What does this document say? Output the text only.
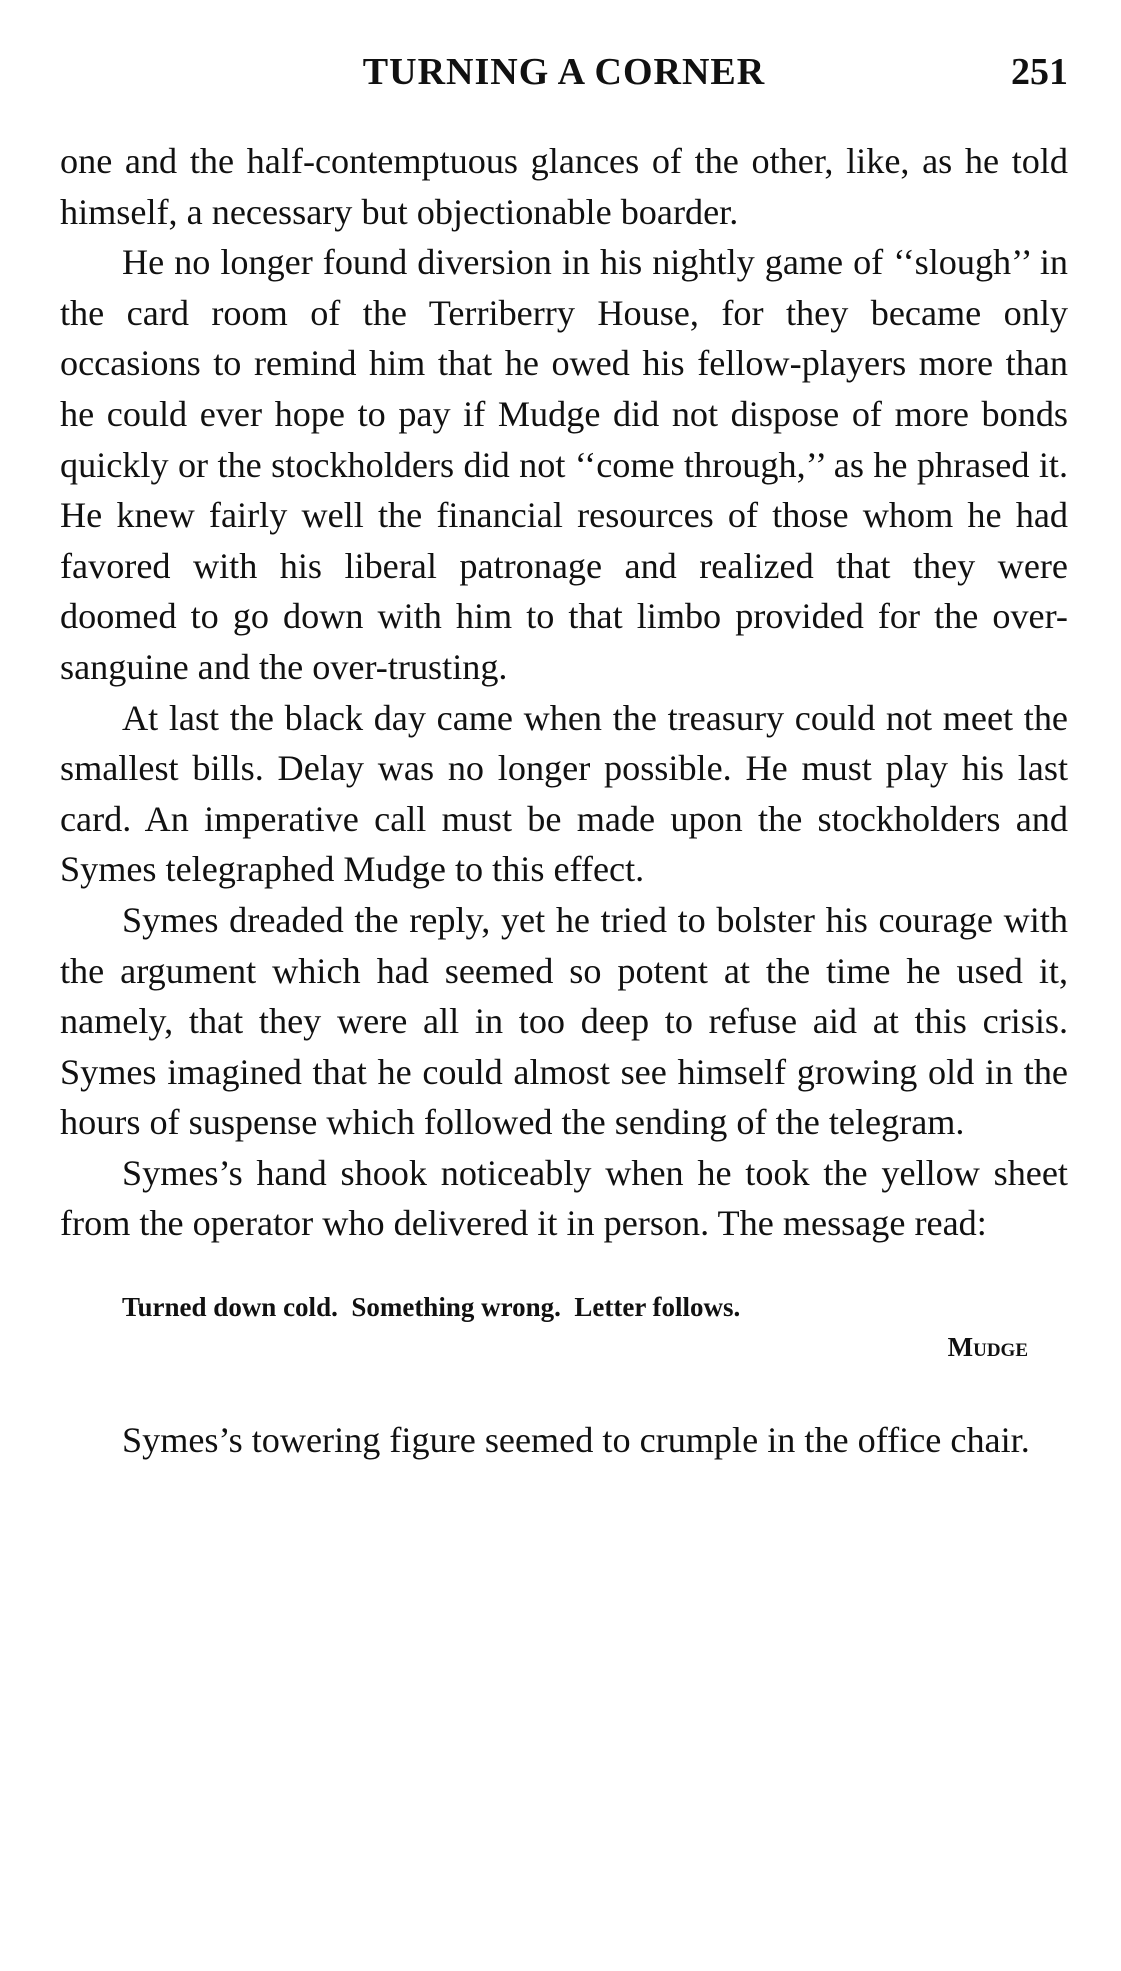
TURNING A CORNER	251

one and the half-contemptuous glances of the other, like, as he told himself, a necessary but objectionable boarder.

He no longer found diversion in his nightly game of ‘‘slough’’ in the card room of the Terriberry House, for they became only occasions to remind him that he owed his fellow-players more than he could ever hope to pay if Mudge did not dispose of more bonds quickly or the stockholders did not ‘‘come through,’’ as he phrased it. He knew fairly well the financial resources of those whom he had favored with his liberal patronage and realized that they were doomed to go down with him to that limbo provided for the over-sanguine and the over-trusting.

At last the black day came when the treasury could not meet the smallest bills. Delay was no longer possible. He must play his last card. An imperative call must be made upon the stockholders and Symes telegraphed Mudge to this effect.

Symes dreaded the reply, yet he tried to bolster his courage with the argument which had seemed so potent at the time he used it, namely, that they were all in too deep to refuse aid at this crisis. Symes imagined that he could almost see himself growing old in the hours of suspense which followed the sending of the telegram.

Symes’s hand shook noticeably when he took the yellow sheet from the operator who delivered it in person. The message read:

Turned down cold.  Something wrong.  Letter follows.
Mudge

Symes’s towering figure seemed to crumple in the office chair.
